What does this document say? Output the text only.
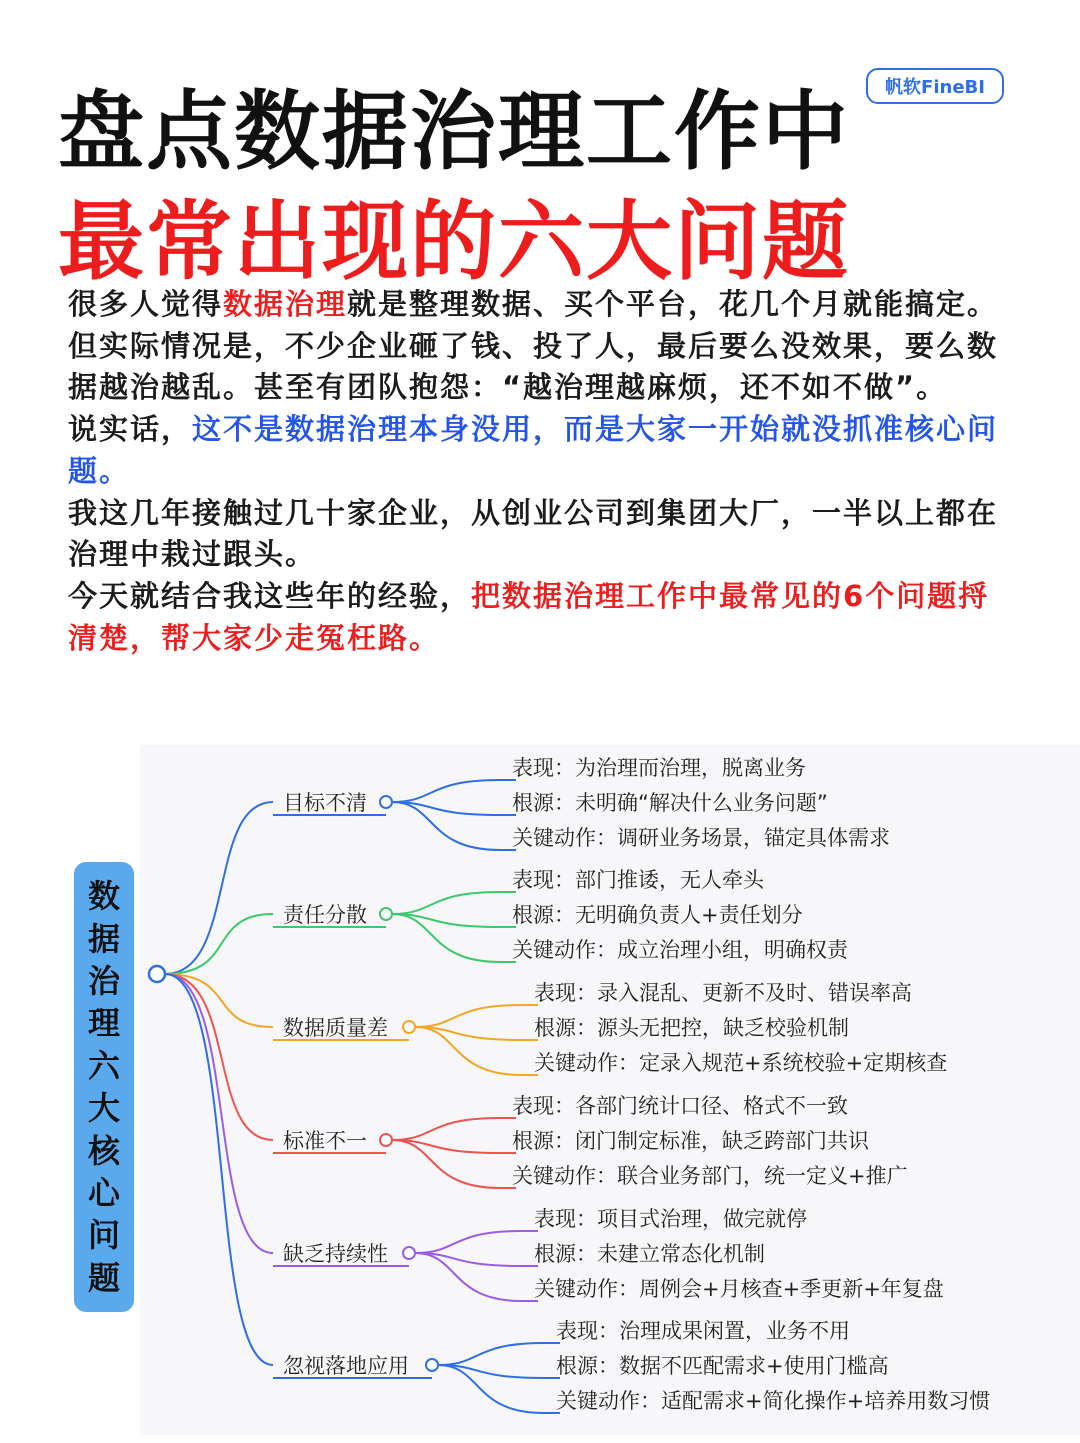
盘点数据治理工作中
最常出现的六大问题
帆软FineBI

很多人觉得数据治理就是整理数据、买个平台，花几个月就能搞定。

但实际情况是，不少企业砸了钱、投了人，最后要么没效果，要么数据越治越乱。甚至有团队抱怨：“越治理越麻烦，还不如不做”。

说实话，这不是数据治理本身没用，而是大家一开始就没抓准核心问题。

我这几年接触过几十家企业，从创业公司到集团大厂，一半以上都在治理中栽过跟头。

今天就结合我这些年的经验，把数据治理工作中最常见的6个问题捋清楚，帮大家少走冤枉路。

表现：为治理而治理，脱离业务
根源：未明确“解决什么业务问题”
关键动作：调研业务场景，锚定具体需求
目标不清
表现：部门推诿，无人牵头
根源：无明确负责人+责任划分
关键动作：成立治理小组，明确权责
责任分散
表现：录入混乱、更新不及时、错误率高
根源：源头无把控，缺乏校验机制
关键动作：定录入规范+系统校验+定期核查
数据质量差
表现：各部门统计口径、格式不一致
根源：闭门制定标准，缺乏跨部门共识
关键动作：联合业务部门，统一定义+推广
标准不一
表现：项目式治理，做完就停
根源：未建立常态化机制
关键动作：周例会+月核查+季更新+年复盘
缺乏持续性
表现：治理成果闲置，业务不用
根源：数据不匹配需求+使用门槛高
关键动作：适配需求+简化操作+培养用数习惯
忽视落地应用
数
据
治
理
六
大
核
心
问
题
